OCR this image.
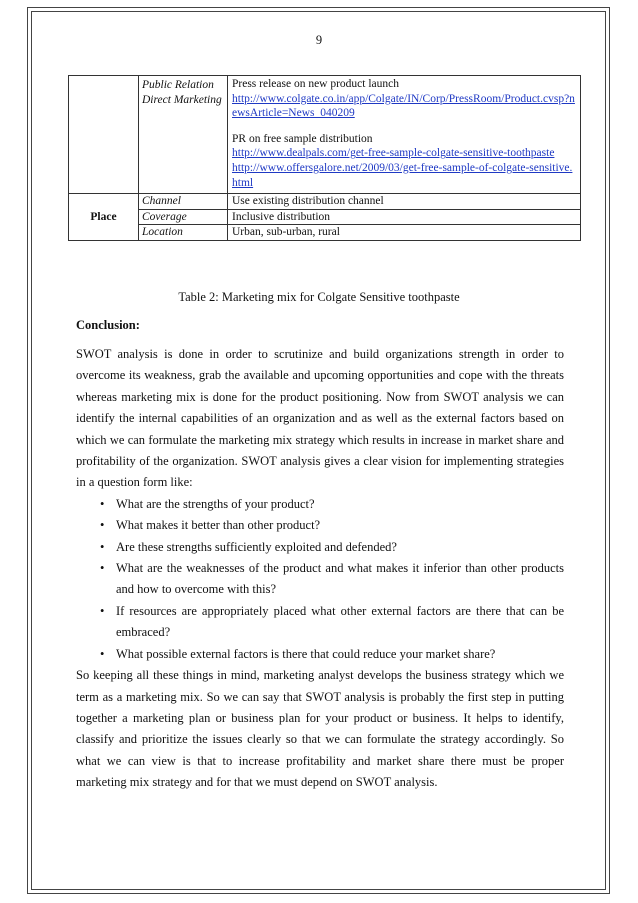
9
	Public Relation Direct Marketing	Press release on new product launch
http://www.colgate.co.in/app/Colgate/IN/Corp/PressRoom/Product.cvsp?newsArticle=News_040209
PR on free sample distribution
http://www.dealpals.com/get-free-sample-colgate-sensitive-toothpaste
http://www.offersgalore.net/2009/03/get-free-sample-of-colgate-sensitive.html

Place	Channel	Use existing distribution channel
	Coverage	Inclusive distribution
	Location	Urban, sub-urban, rural
Table 2: Marketing mix for Colgate Sensitive toothpaste
Conclusion:

SWOT analysis is done in order to scrutinize and build organizations strength in order to overcome its weakness, grab the available and upcoming opportunities and cope with the threats whereas marketing mix is done for the product positioning. Now from SWOT analysis we can identify the internal capabilities of an organization and as well as the external factors based on which we can formulate the marketing mix strategy which results in increase in market share and profitability of the organization. SWOT analysis gives a clear vision for implementing strategies in a question form like:

• What are the strengths of your product?
• What makes it better than other product?
• Are these strengths sufficiently exploited and defended?
• What are the weaknesses of the product and what makes it inferior than other products and how to overcome with this?
• If resources are appropriately placed what other external factors are there that can be embraced?
• What possible external factors is there that could reduce your market share?

So keeping all these things in mind, marketing analyst develops the business strategy which we term as a marketing mix. So we can say that SWOT analysis is probably the first step in putting together a marketing plan or business plan for your product or business. It helps to identify, classify and prioritize the issues clearly so that we can formulate the strategy accordingly. So what we can view is that to increase profitability and market share there must be proper marketing mix strategy and for that we must depend on SWOT analysis.
